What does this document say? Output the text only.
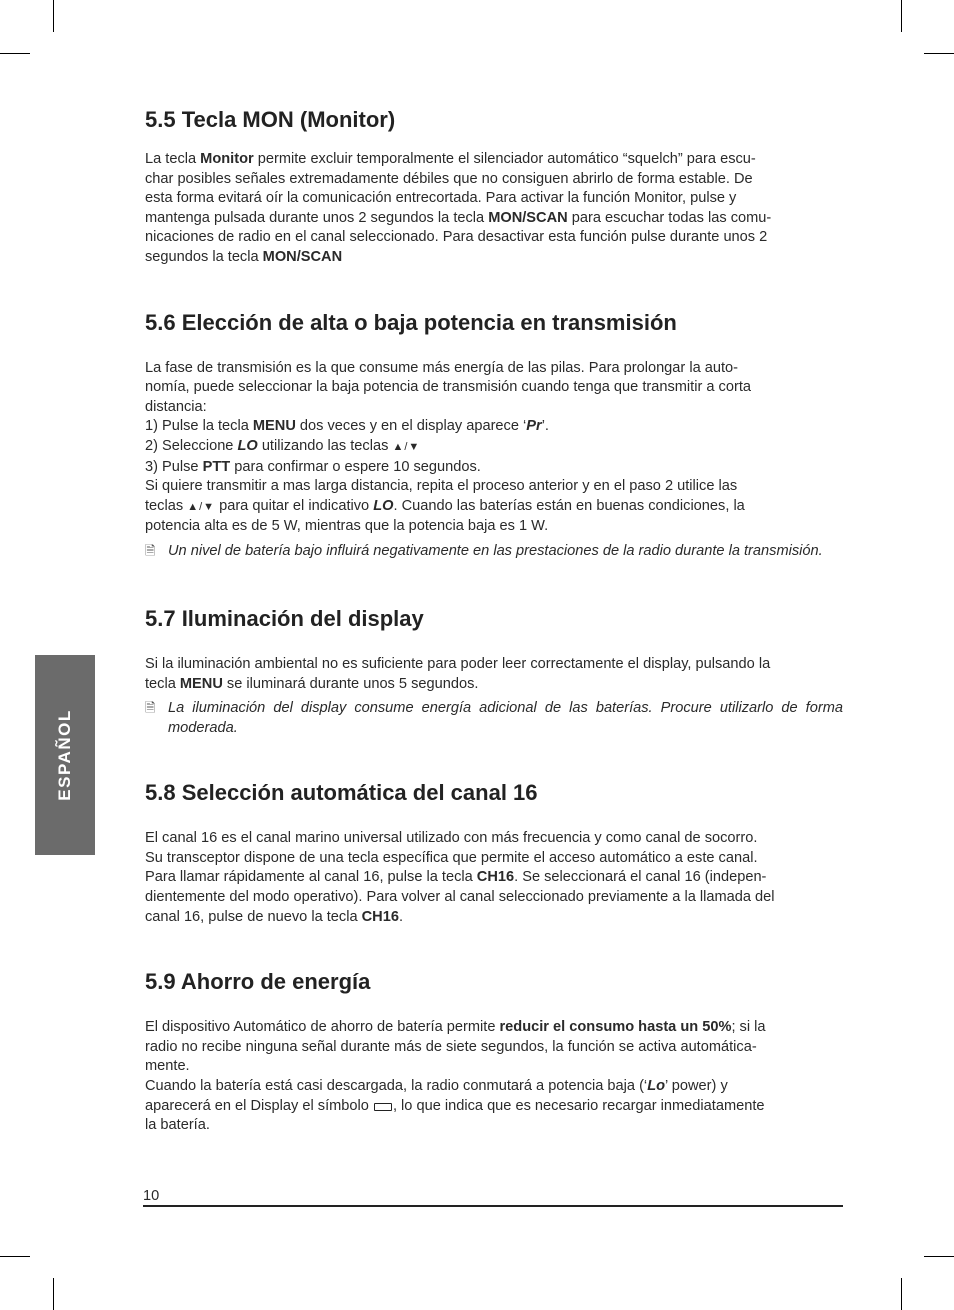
ESPAÑOL
5.5 Tecla MON (Monitor)

La tecla Monitor permite excluir temporalmente el silenciador automático “squelch” para escu-
char posibles señales extremadamente débiles que no consiguen abrirlo de forma estable. De
esta forma evitará oír la comunicación entrecortada. Para activar la función Monitor, pulse y
mantenga pulsada durante unos 2 segundos la tecla MON/SCAN para escuchar todas las comu-
nicaciones de radio en el canal seleccionado. Para desactivar esta función pulse durante unos 2
segundos la tecla MON/SCAN

5.6 Elección de alta o baja potencia en transmisión

La fase de transmisión es la que consume más energía de las pilas. Para prolongar la auto-
nomía, puede seleccionar la baja potencia de transmisión cuando tenga que transmitir a corta
distancia:
1) Pulse la tecla MENU dos veces y en el display aparece ‘Pr’.
2) Seleccione LO utilizando las teclas ▲/▼
3) Pulse PTT para confirmar o espere 10 segundos.
Si quiere transmitir a mas larga distancia, repita el proceso anterior y en el paso 2 utilice las
teclas ▲/▼ para quitar el indicativo LO. Cuando las baterías están en buenas condiciones, la
potencia alta es de 5 W, mientras que la potencia baja es 1 W.

🗎 Un nivel de batería bajo influirá negativamente en las prestaciones de la radio durante la transmisión.

5.7 Iluminación del display

Si la iluminación ambiental no es suficiente para poder leer correctamente el display, pulsando la
tecla MENU se iluminará durante unos 5 segundos.

🗎 La iluminación del display consume energía adicional de las baterías. Procure utilizarlo de forma moderada.

5.8 Selección automática del canal 16

El canal 16 es el canal marino universal utilizado con más frecuencia y como canal de socorro.
Su transceptor dispone de una tecla específica que permite el acceso automático a este canal.
Para llamar rápidamente al canal 16, pulse la tecla CH16. Se seleccionará el canal 16 (indepen-
dientemente del modo operativo). Para volver al canal seleccionado previamente a la llamada del
canal 16, pulse de nuevo la tecla CH16.

5.9 Ahorro de energía

El dispositivo Automático de ahorro de batería permite reducir el consumo hasta un 50%; si la
radio no recibe ninguna señal durante más de siete segundos, la función se activa automática-
mente.
Cuando la batería está casi descargada, la radio conmutará a potencia baja (‘Lo’ power) y
aparecerá en el Display el símbolo , lo que indica que es necesario recargar inmediatamente
la batería.

10
